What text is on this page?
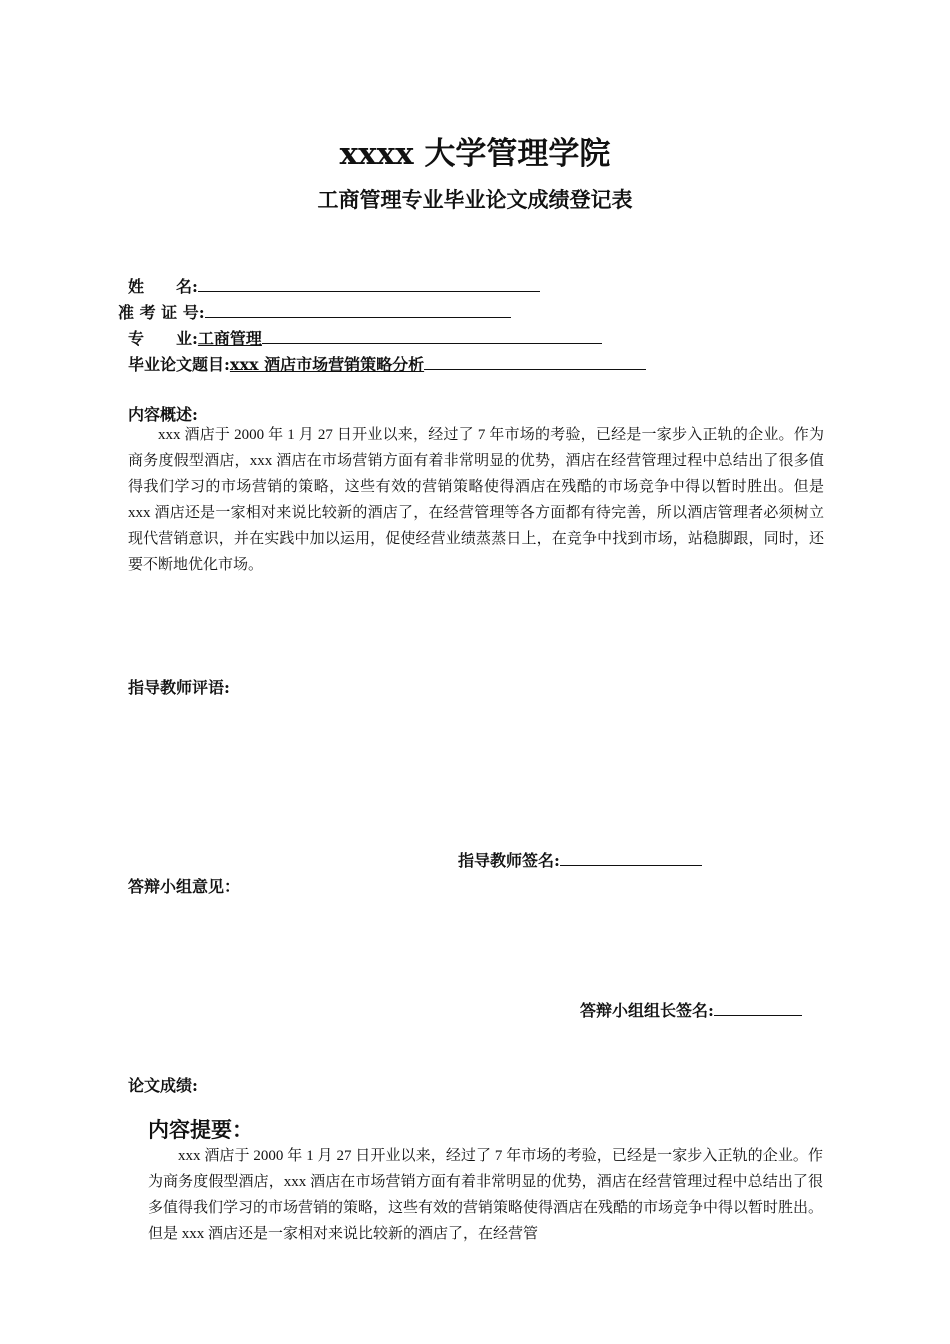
xxxx 大学管理学院
工商管理专业毕业论文成绩登记表
姓　　名:
准 考 证 号:
专　　业:工商管理
毕业论文题目:xxx 酒店市场营销策略分析
内容概述:
xxx 酒店于 2000 年 1 月 27 日开业以来，经过了 7 年市场的考验，已经是一家步入正轨的企业。作为商务度假型酒店，xxx 酒店在市场营销方面有着非常明显的优势，酒店在经营管理过程中总结出了很多值得我们学习的市场营销的策略，这些有效的营销策略使得酒店在残酷的市场竞争中得以暂时胜出。但是 xxx 酒店还是一家相对来说比较新的酒店了，在经营管理等各方面都有待完善，所以酒店管理者必须树立现代营销意识，并在实践中加以运用，促使经营业绩蒸蒸日上，在竞争中找到市场，站稳脚跟，同时，还要不断地优化市场。
指导教师评语:
指导教师签名:
答辩小组意见：
答辩小组组长签名:
论文成绩:
内容提要：
xxx 酒店于 2000 年 1 月 27 日开业以来，经过了 7 年市场的考验，已经是一家步入正轨的企业。作为商务度假型酒店，xxx 酒店在市场营销方面有着非常明显的优势，酒店在经营管理过程中总结出了很多值得我们学习的市场营销的策略，这些有效的营销策略使得酒店在残酷的市场竞争中得以暂时胜出。但是 xxx 酒店还是一家相对来说比较新的酒店了，在经营管
